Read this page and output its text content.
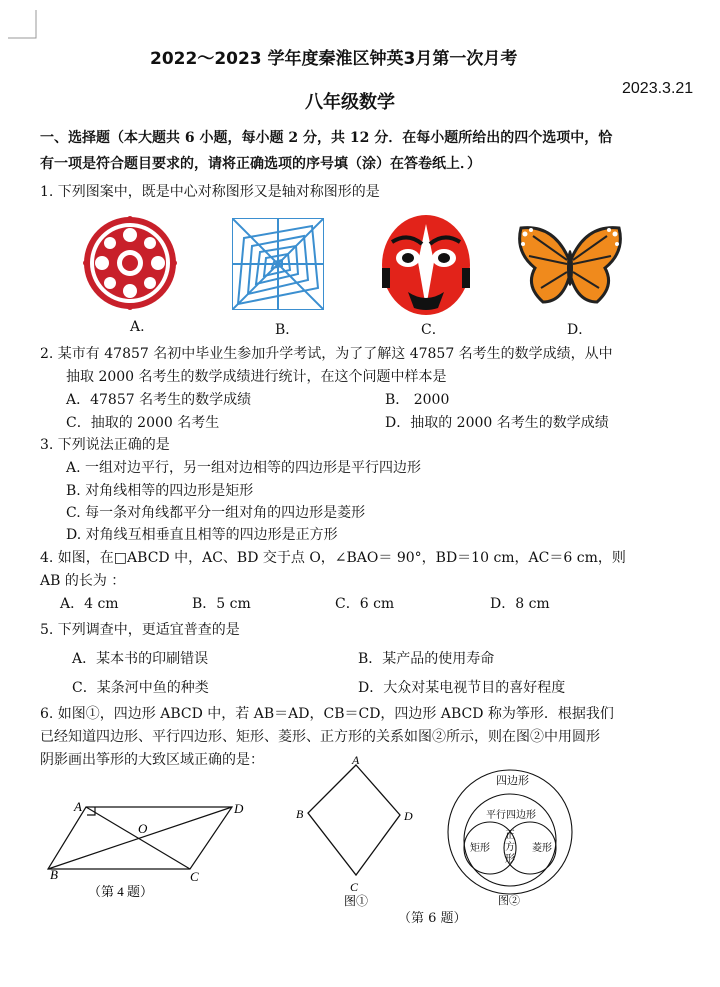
2022～2023 学年度秦淮区钟英3月第一次月考
八年级数学
2023.3.21
一、选择题（本大题共 6 小题，每小题 2 分，共 12 分．在每小题所给出的四个选项中，恰
有一项是符合题目要求的，请将正确选项的序号填（涂）在答卷纸上．）
1. 下列图案中，既是中心对称图形又是轴对称图形的是
A.	B．	C．	D．
2. 某市有 47857 名初中毕业生参加升学考试，为了了解这 47857 名考生的数学成绩，从中
抽取 2000 名考生的数学成绩进行统计，在这个问题中样本是
A．47857 名考生的数学成绩	B． 2000
C．抽取的 2000 名考生	D．抽取的 2000 名考生的数学成绩
3. 下列说法正确的是
A. 一组对边平行，另一组对边相等的四边形是平行四边形
B. 对角线相等的四边形是矩形
C. 每一条对角线都平分一组对角的四边形是菱形
D. 对角线互相垂直且相等的四边形是正方形
4. 如图，在□ABCD 中，AC、BD 交于点 O，∠BAO＝ 90°，BD＝10 cm，AC＝6 cm，则
AB 的长为 ：
A．4 cm	B．5 cm	C．6 cm	D．8 cm
5. 下列调查中，更适宜普查的是
A．某本书的印刷错误	B．某产品的使用寿命
C．某条河中鱼的种类	D．大众对某电视节目的喜好程度
6. 如图①，四边形 ABCD 中，若 AB＝AD，CB＝CD，四边形 ABCD 称为筝形．根据我们
已经知道四边形、平行四边形、矩形、菱形、正方形的关系如图②所示，则在图②中用圆形
阴影画出筝形的大致区域正确的是：
A	D
B	C
O
（第 4 题）
A
B	D
C
图①
四边形
平行四边形
矩形	菱形
正
方
形
图②
（第 6 题）
